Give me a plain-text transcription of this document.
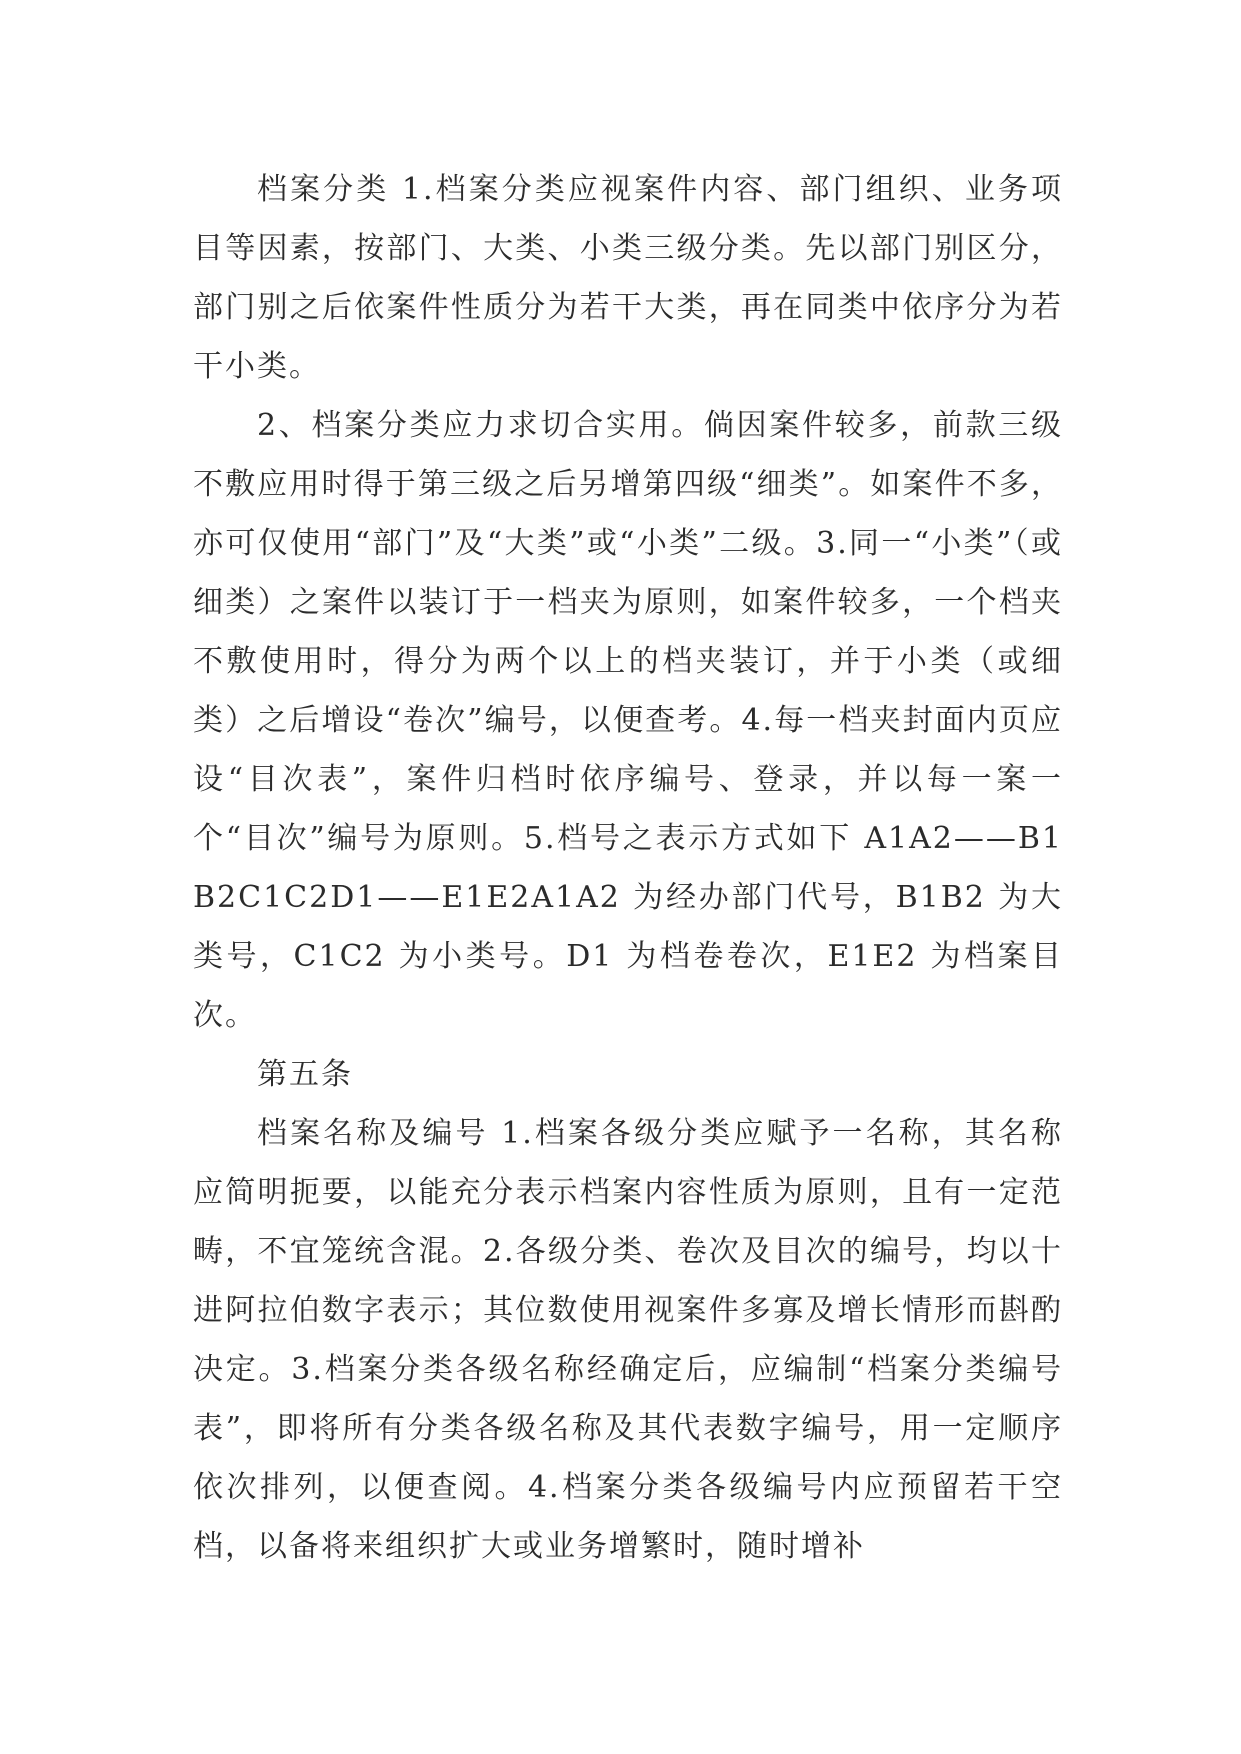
档案分类 1.档案分类应视案件内容、部门组织、业务项目等因素，按部门、大类、小类三级分类。先以部门别区分，部门别之后依案件性质分为若干大类，再在同类中依序分为若干小类。

2、档案分类应力求切合实用。倘因案件较多，前款三级不敷应用时得于第三级之后另增第四级“细类”。如案件不多，亦可仅使用“部门”及“大类”或“小类”二级。3.同一“小类”（或细类）之案件以装订于一档夹为原则，如案件较多，一个档夹不敷使用时，得分为两个以上的档夹装订，并于小类（或细类）之后增设“卷次”编号，以便查考。4.每一档夹封面内页应设“目次表”，案件归档时依序编号、登录，并以每一案一个“目次”编号为原则。5.档号之表示方式如下 A1A2——B1B2C1C2D1——E1E2A1A2 为经办部门代号，B1B2 为大类号，C1C2 为小类号。D1 为档卷卷次，E1E2 为档案目次。

第五条

档案名称及编号 1.档案各级分类应赋予一名称，其名称应简明扼要，以能充分表示档案内容性质为原则，且有一定范畴，不宜笼统含混。2.各级分类、卷次及目次的编号，均以十进阿拉伯数字表示；其位数使用视案件多寡及增长情形而斟酌决定。3.档案分类各级名称经确定后，应编制“档案分类编号表”，即将所有分类各级名称及其代表数字编号，用一定顺序依次排列，以便查阅。4.档案分类各级编号内应预留若干空档，以备将来组织扩大或业务增繁时，随时增补
